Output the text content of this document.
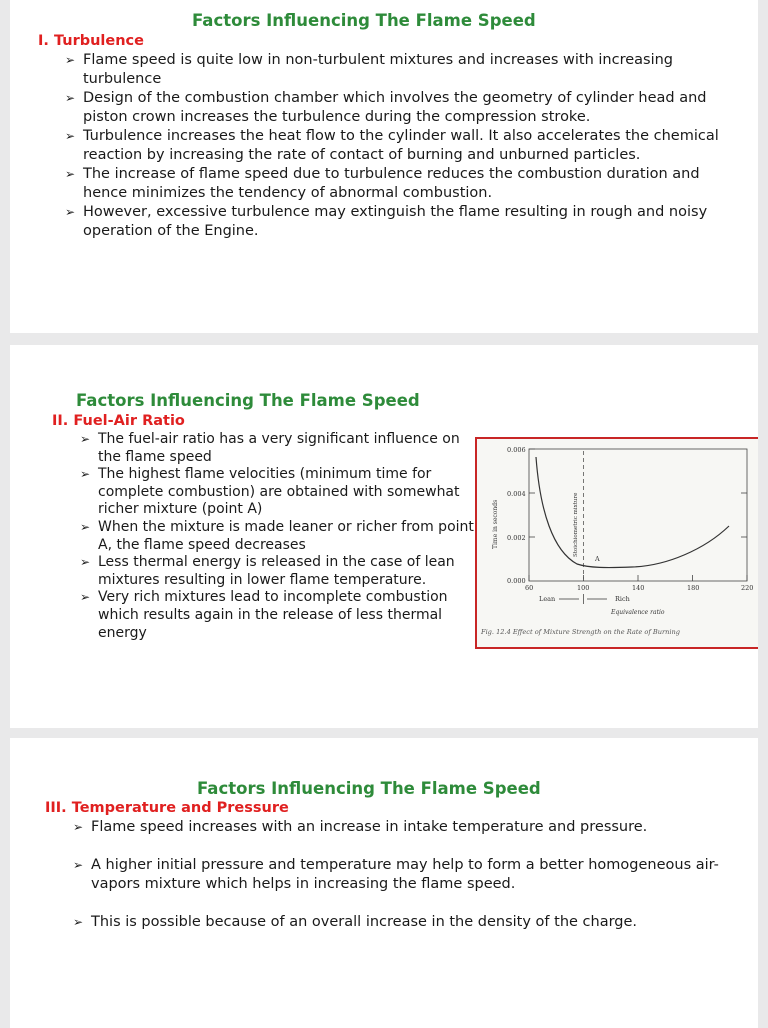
Factors Influencing The Flame Speed
I. Turbulence
➢ Flame speed is quite low in non-turbulent mixtures and increases with increasing turbulence
➢ Design of the combustion chamber which involves the geometry of cylinder head and piston crown increases the turbulence during the compression stroke.
➢ Turbulence increases the heat flow to the cylinder wall. It also accelerates the chemical reaction by increasing the rate of contact of burning and unburned particles.
➢ The increase of flame speed due to turbulence reduces the combustion duration and hence minimizes the tendency of abnormal combustion.
➢ However, excessive turbulence may extinguish the flame resulting in rough and noisy operation of the Engine.
Factors Influencing The Flame Speed
II. Fuel-Air Ratio
➢ The fuel-air ratio has a very significant influence on the flame speed
➢ The highest flame velocities (minimum time for complete combustion) are obtained with somewhat richer mixture (point A)
➢ When the mixture is made leaner or richer from point A, the flame speed decreases
➢ Less thermal energy is released in the case of lean mixtures resulting in lower flame temperature.
➢ Very rich mixtures lead to incomplete combustion which results again in the release of less thermal energy
0.006
0.004
0.002
0.000
60	100	140	180	220
Time in seconds	Stoichiometric mixture
A
Lean	Rich
Equivalence ratio
Fig. 12.4 Effect of Mixture Strength on the Rate of Burning
Factors Influencing The Flame Speed
III. Temperature and Pressure
➢ Flame speed increases with an increase in intake temperature and pressure.
➢ A higher initial pressure and temperature may help to form a better homogeneous air-vapors mixture which helps in increasing the flame speed.
➢ This is possible because of an overall increase in the density of the charge.
